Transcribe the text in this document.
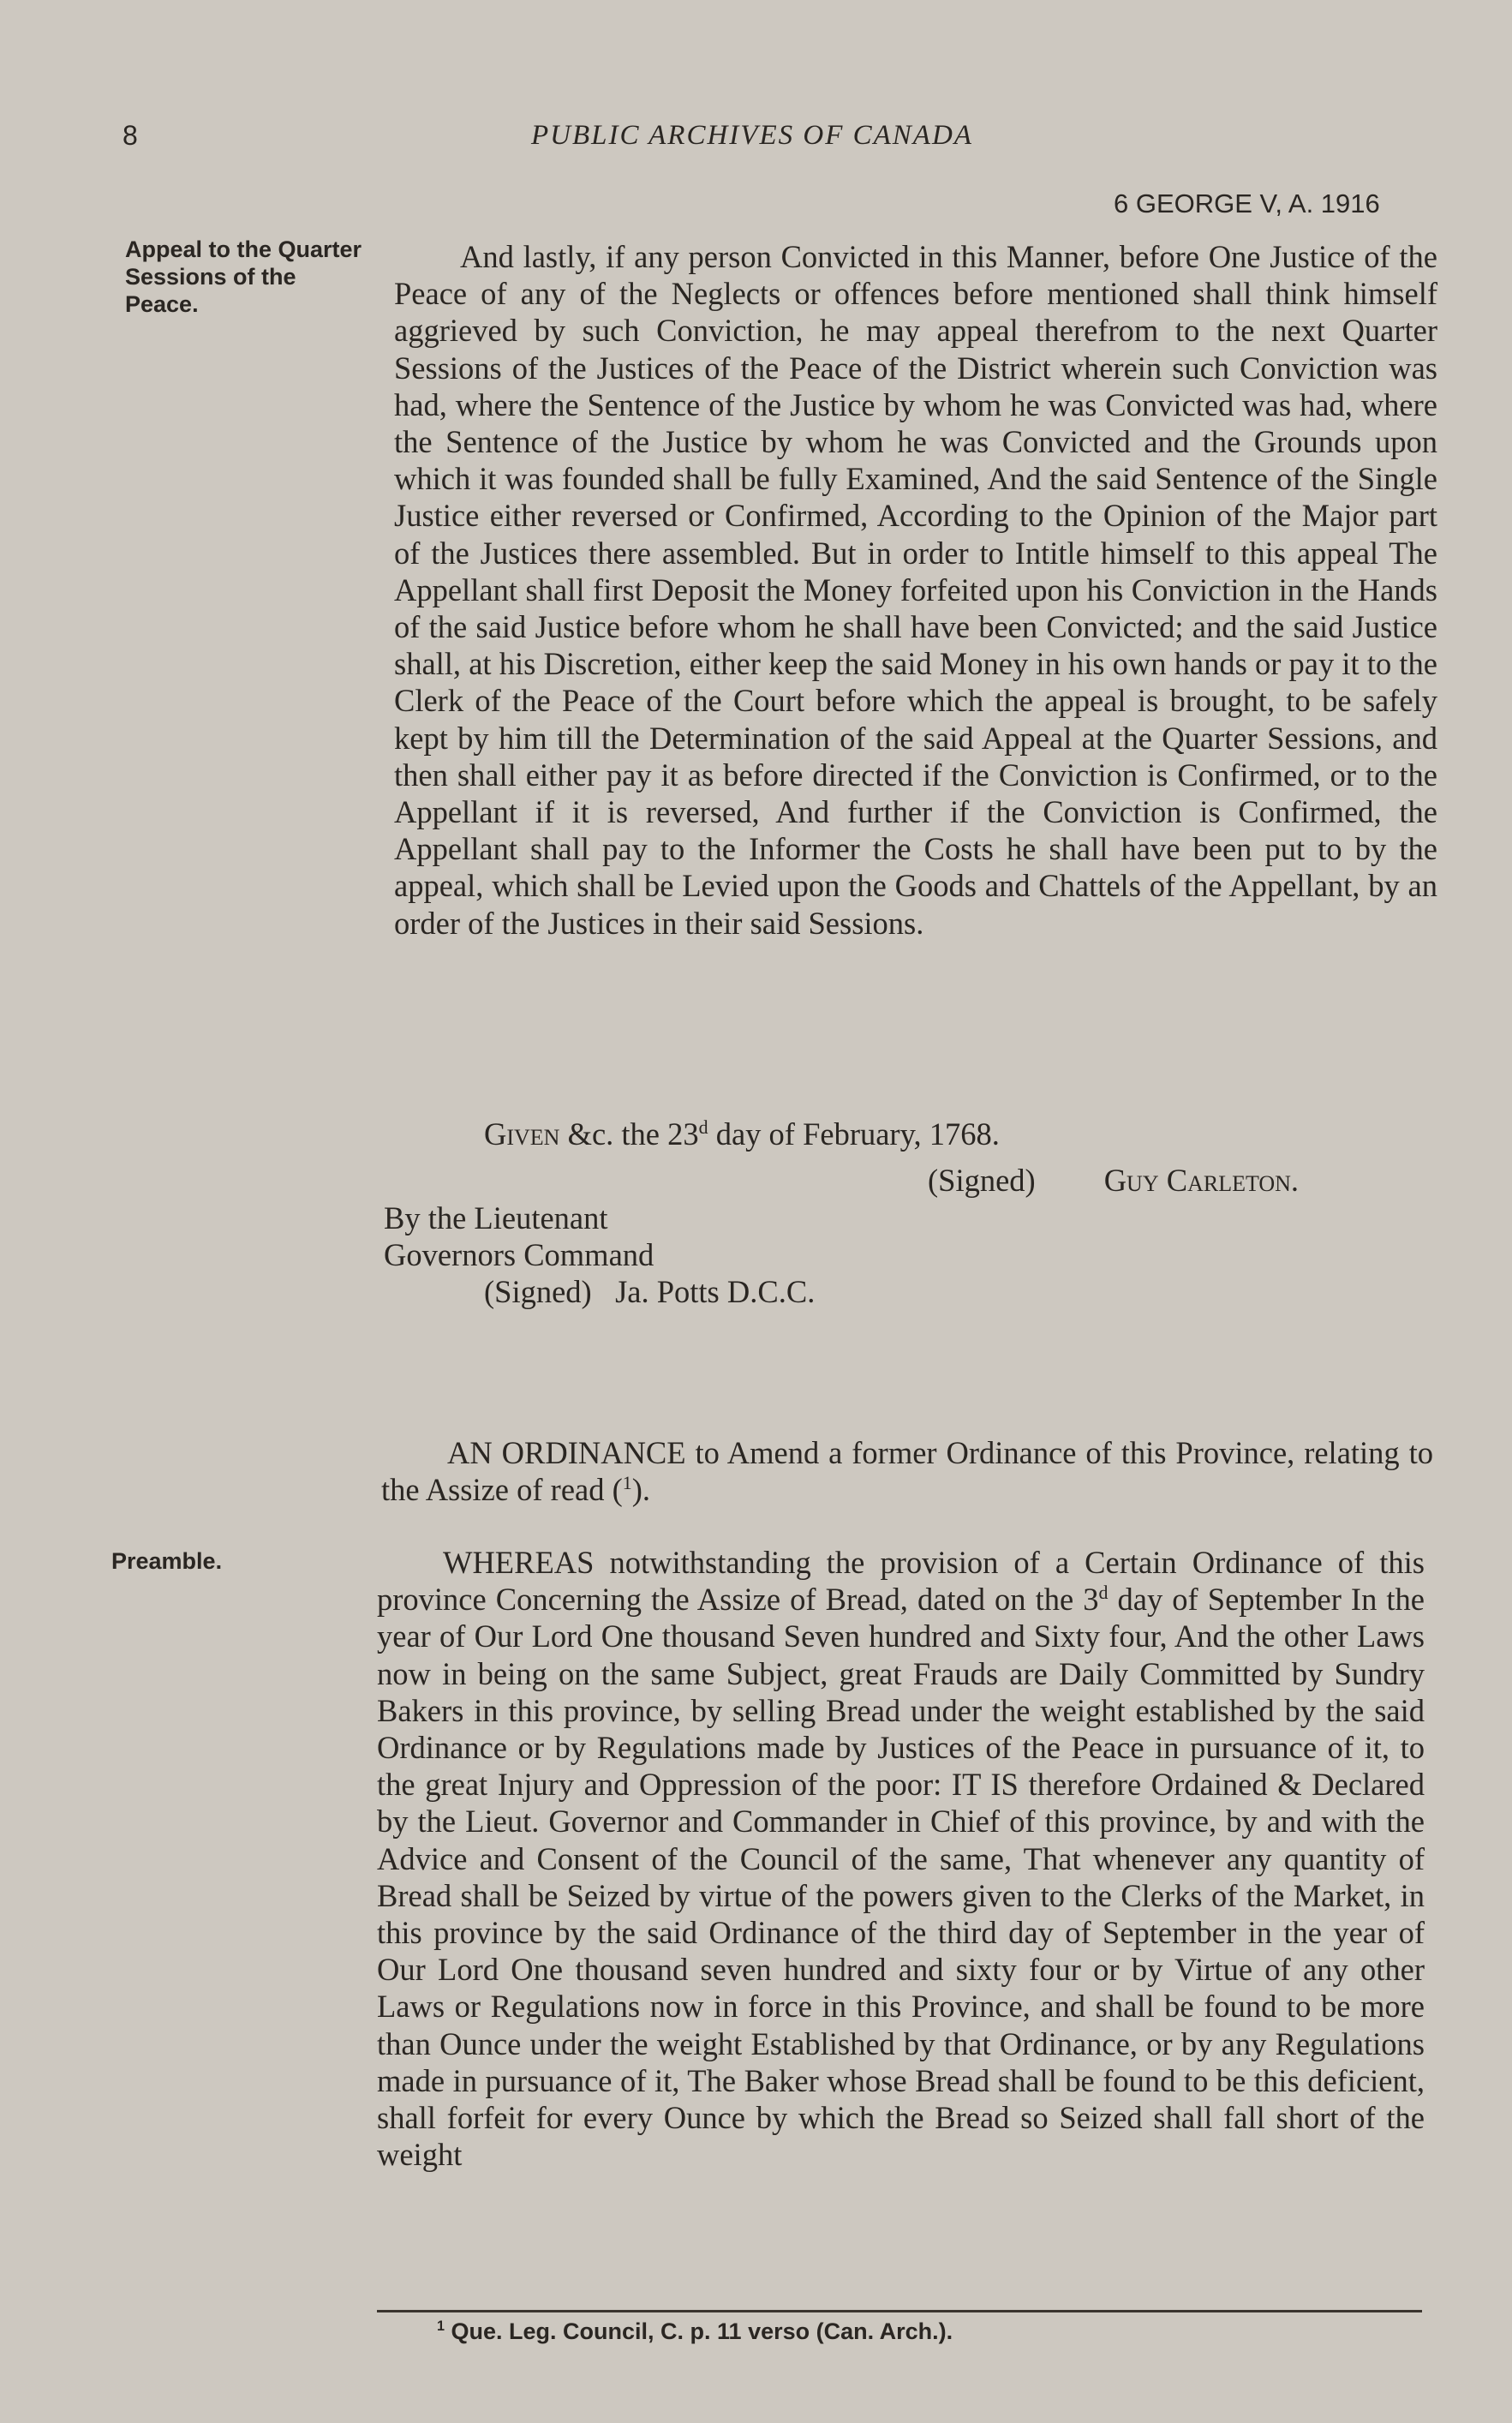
8	PUBLIC ARCHIVES OF CANADA
6 GEORGE V, A. 1916
Appeal to the Quarter Sessions of the Peace.

And lastly, if any person Convicted in this Manner, before One Justice of the Peace of any of the Neglects or offences before mentioned shall think himself aggrieved by such Conviction, he may appeal therefrom to the next Quarter Sessions of the Justices of the Peace of the District wherein such Conviction was had, where the Sentence of the Justice by whom he was Convicted was had, where the Sentence of the Justice by whom he was Convicted and the Grounds upon which it was founded shall be fully Examined, And the said Sentence of the Single Justice either reversed or Confirmed, According to the Opinion of the Major part of the Justices there assembled. But in order to Intitle himself to this appeal The Appellant shall first Deposit the Money forfeited upon his Conviction in the Hands of the said Justice before whom he shall have been Convicted; and the said Justice shall, at his Discretion, either keep the said Money in his own hands or pay it to the Clerk of the Peace of the Court before which the appeal is brought, to be safely kept by him till the Determination of the said Appeal at the Quarter Sessions, and then shall either pay it as before directed if the Conviction is Confirmed, or to the Appellant if it is reversed, And further if the Conviction is Confirmed, the Appellant shall pay to the Informer the Costs he shall have been put to by the appeal, which shall be Levied upon the Goods and Chattels of the Appellant, by an order of the Justices in their said Sessions.

Given &c. the 23$^d$ day of February, 1768.
(Signed) Guy Carleton.
By the Lieutenant
Governors Command
(Signed)   Ja. Potts D.C.C.

AN ORDINANCE to Amend a former Ordinance of this Province, relating to the Assize of read ($^1$).

Preamble.	WHEREAS notwithstanding the provision of a Certain Ordinance of this province Concerning the Assize of Bread, dated on the 3$^d$ day of September In the year of Our Lord One thousand Seven hundred and Sixty four, And the other Laws now in being on the same Subject, great Frauds are Daily Committed by Sundry Bakers in this province, by selling Bread under the weight established by the said Ordinance or by Regulations made by Justices of the Peace in pursuance of it, to the great Injury and Oppression of the poor: IT IS therefore Ordained & Declared by the Lieut. Governor and Commander in Chief of this province, by and with the Advice and Consent of the Council of the same, That whenever any quantity of Bread shall be Seized by virtue of the powers given to the Clerks of the Market, in this province by the said Ordinance of the third day of September in the year of Our Lord One thousand seven hundred and sixty four or by Virtue of any other Laws or Regulations now in force in this Province, and shall be found to be more than Ounce under the weight Established by that Ordinance, or by any Regulations made in pursuance of it, The Baker whose Bread shall be found to be this deficient, shall forfeit for every Ounce by which the Bread so Seized shall fall short of the weight

$^1$ Que. Leg. Council, C. p. 11 verso (Can. Arch.).
